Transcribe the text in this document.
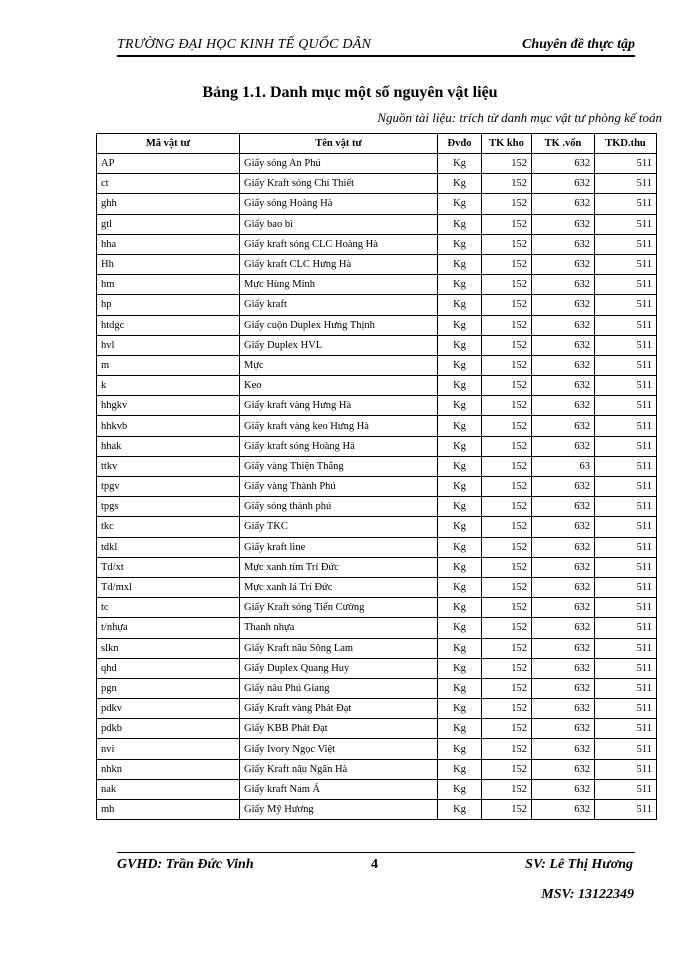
TRƯỜNG ĐẠI HỌC KINH TẾ QUỐC DÂN	Chuyên đề thực tập
Bảng 1.1. Danh mục một số nguyên vật liệu
Nguồn tài liệu: trích từ danh mục vật tư phòng kế toán
Mã vật tư	Tên vật tư	Đvđo	TK kho	TK .vốn	TKD.thu
AP	Giấy sóng An Phú	Kg	152	632	511
ct	Giấy Kraft sóng Chí Thiết	Kg	152	632	511
ghh	Giấy sóng Hoàng Hà	Kg	152	632	511
gtl	Giấy bao bì	Kg	152	632	511
hha	Giấy kraft sóng CLC Hoàng Hà	Kg	152	632	511
Hh	Giấy kraft CLC Hưng Hà	Kg	152	632	511
hm	Mực Hùng Minh	Kg	152	632	511
hp	Giấy kraft	Kg	152	632	511
htdgc	Giấy cuộn Duplex Hưng Thịnh	Kg	152	632	511
hvl	Giấy Duplex HVL	Kg	152	632	511
m	Mực	Kg	152	632	511
k	Keo	Kg	152	632	511
hhgkv	Giấy kraft vàng Hưng Hà	Kg	152	632	511
hhkvb	Giấy kraft vàng keo Hưng Hà	Kg	152	632	511
hhak	Giấy kraft sóng Hoàng Hà	Kg	152	632	511
ttkv	Giấy vàng Thiện Thắng	Kg	152	63	511
tpgv	Giấy vàng Thành Phú	Kg	152	632	511
tpgs	Giấy sóng thành phú	Kg	152	632	511
tkc	Giấy TKC	Kg	152	632	511
tdkl	Giấy kraft line	Kg	152	632	511
Td/xt	Mực xanh tím Trí Đức	Kg	152	632	511
Td/mxl	Mực xanh lá Trí Đức	Kg	152	632	511
tc	Giấy Kraft sóng Tiến Cường	Kg	152	632	511
t/nhựa	Thanh nhựa	Kg	152	632	511
slkn	Giấy Kraft nâu Sông Lam	Kg	152	632	511
qhd	Giấy Duplex Quang Huy	Kg	152	632	511
pgn	Giấy nâu Phú Giang	Kg	152	632	511
pdkv	Giấy Kraft vàng Phát Đạt	Kg	152	632	511
pdkb	Giấy KBB Phát Đạt	Kg	152	632	511
nvi	Giấy Ivory Ngọc Việt	Kg	152	632	511
nhkn	Giấy Kraft nâu Ngân Hà	Kg	152	632	511
nak	Giấy kraft Nam Á	Kg	152	632	511
mh	Giấy Mỹ Hương	Kg	152	632	511
GVHD: Trần Đức Vinh	4	SV: Lê Thị Hương
MSV: 13122349
